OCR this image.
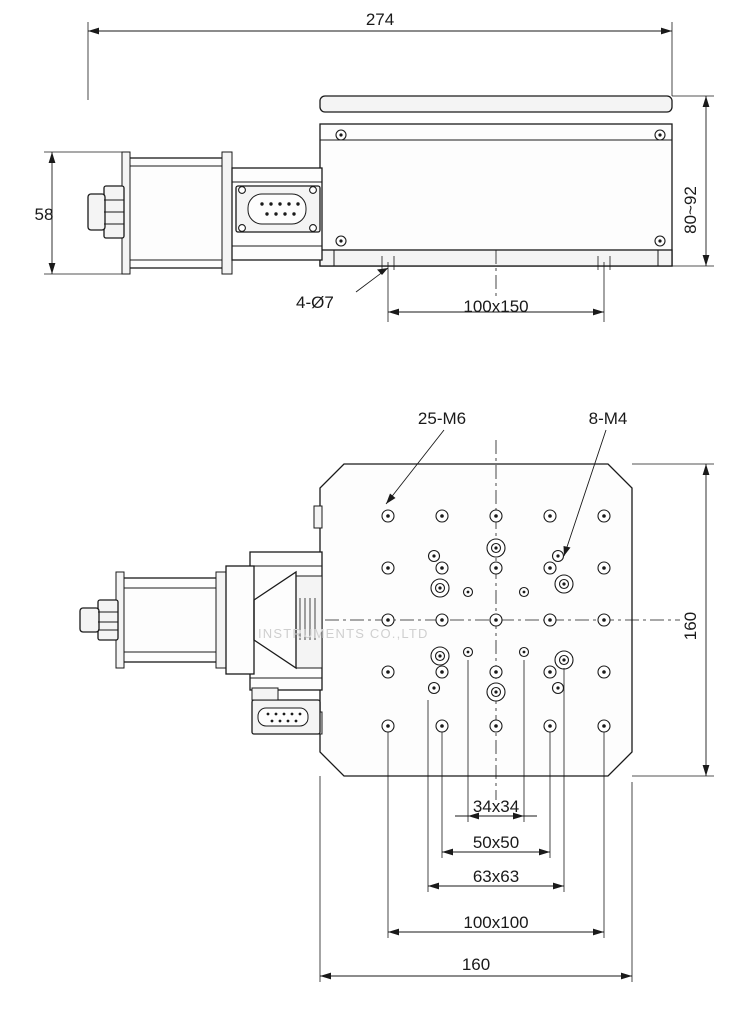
274
58	80~92
4-Ø7	100x150
25-M6	8-M4
160
34x34
50x50
63x63
100x100
160
INSTRUMENTS CO.,LTD
